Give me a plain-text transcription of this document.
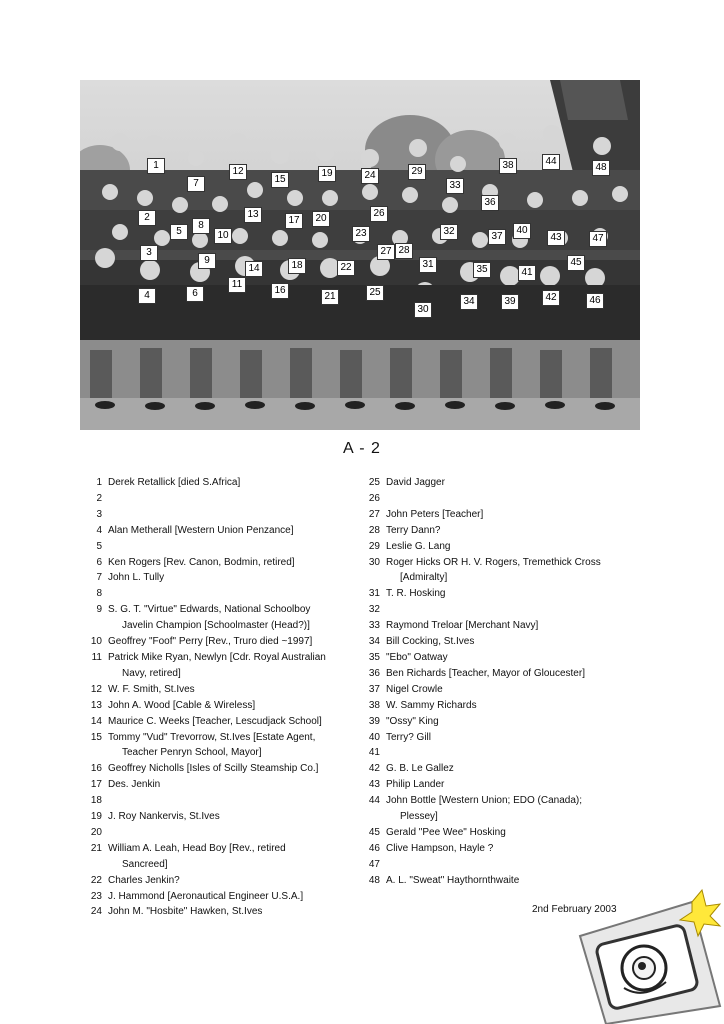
1
7
12
15
19	24	29
33
38	44
48
2
5
8
10
13
17	20	26
23
27 28
32
36
37
40
43	47
3
9
14	18	22	31	35	41
45
4	6
11
16
21	25
30
34	39	42	46
A - 2
1 Derek Retallick [died S.Africa]
2

3

4 Alan Metherall [Western Union Penzance]
5

6 Ken Rogers [Rev. Canon, Bodmin, retired]
7 John L. Tully
8

9 S. G. T. "Virtue" Edwards, National Schoolboy
Javelin Champion [Schoolmaster (Head?)]
10 Geoffrey "Foof" Perry [Rev., Truro died ~1997]
11 Patrick Mike Ryan, Newlyn [Cdr. Royal Australian
Navy, retired]
12 W. F. Smith, St.Ives
13 John A. Wood [Cable & Wireless]
14 Maurice C. Weeks [Teacher, Lescudjack School]
15 Tommy "Vud" Trevorrow, St.Ives [Estate Agent,
Teacher Penryn School, Mayor]
16 Geoffrey Nicholls [Isles of Scilly Steamship Co.]
17 Des. Jenkin
18

19 J. Roy Nankervis, St.Ives
20

21 William A. Leah, Head Boy [Rev., retired
Sancreed]
22 Charles Jenkin?
23 J. Hammond [Aeronautical Engineer U.S.A.]
24 John M. "Hosbite" Hawken, St.Ives
25 David Jagger
26

27 John Peters [Teacher]
28 Terry Dann?
29 Leslie G. Lang
30 Roger Hicks OR H. V. Rogers, Tremethick Cross
[Admiralty]
31 T. R. Hosking
32

33 Raymond Treloar [Merchant Navy]
34 Bill Cocking, St.Ives
35 "Ebo" Oatway
36 Ben Richards [Teacher, Mayor of Gloucester]
37 Nigel Crowle
38 W. Sammy Richards
39 "Ossy" King
40 Terry? Gill
41

42 G. B. Le Gallez
43 Philip Lander
44 John Bottle [Western Union; EDO (Canada);
Plessey]
45 Gerald "Pee Wee" Hosking
46 Clive Hampson, Hayle ?
47

48 A. L. "Sweat" Haythornthwaite
2nd February 2003
